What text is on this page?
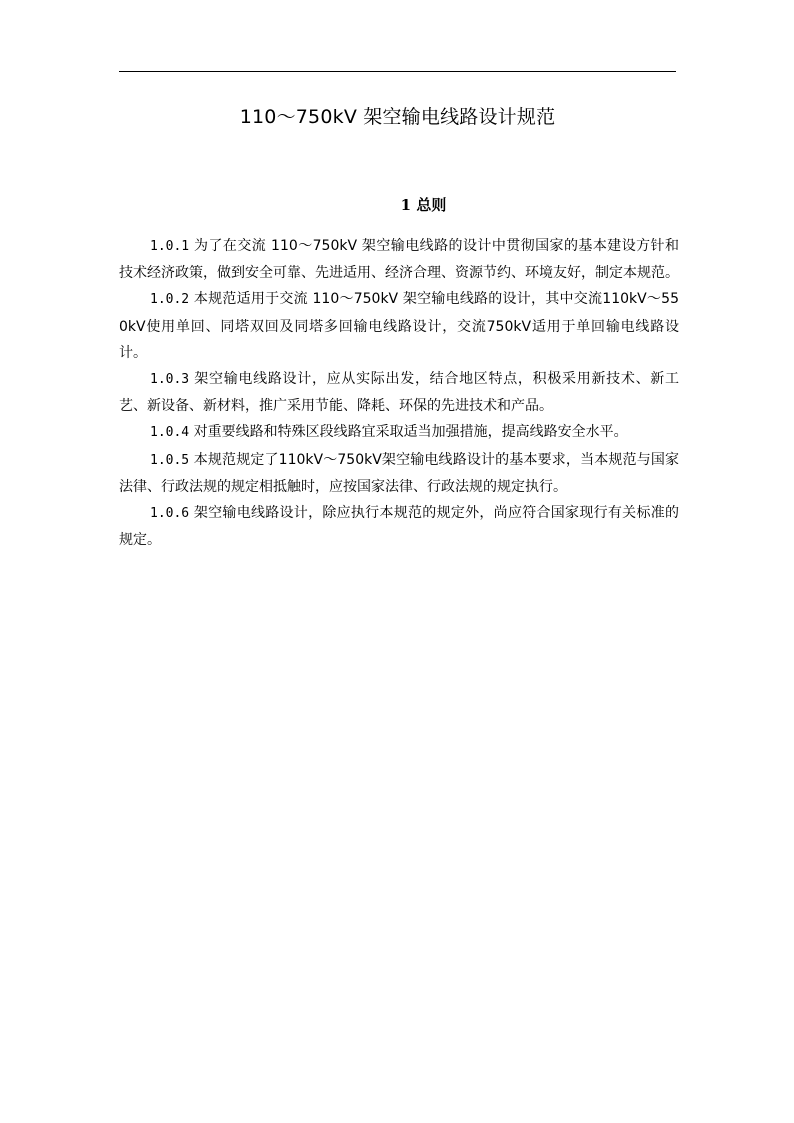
110～750kV 架空输电线路设计规范
1 总则

1.0.1 为了在交流 110～750kV 架空输电线路的设计中贯彻国家的基本建设方针和技术经济政策，做到安全可靠、先进适用、经济合理、资源节约、环境友好，制定本规范。

1.0.2 本规范适用于交流 110～750kV 架空输电线路的设计，其中交流110kV～550kV使用单回、同塔双回及同塔多回输电线路设计，交流750kV适用于单回输电线路设计。

1.0.3 架空输电线路设计，应从实际出发，结合地区特点，积极采用新技术、新工艺、新设备、新材料，推广采用节能、降耗、环保的先进技术和产品。

1.0.4 对重要线路和特殊区段线路宜采取适当加强措施，提高线路安全水平。

1.0.5 本规范规定了110kV～750kV架空输电线路设计的基本要求，当本规范与国家法律、行政法规的规定相抵触时，应按国家法律、行政法规的规定执行。

1.0.6 架空输电线路设计，除应执行本规范的规定外，尚应符合国家现行有关标准的规定。
